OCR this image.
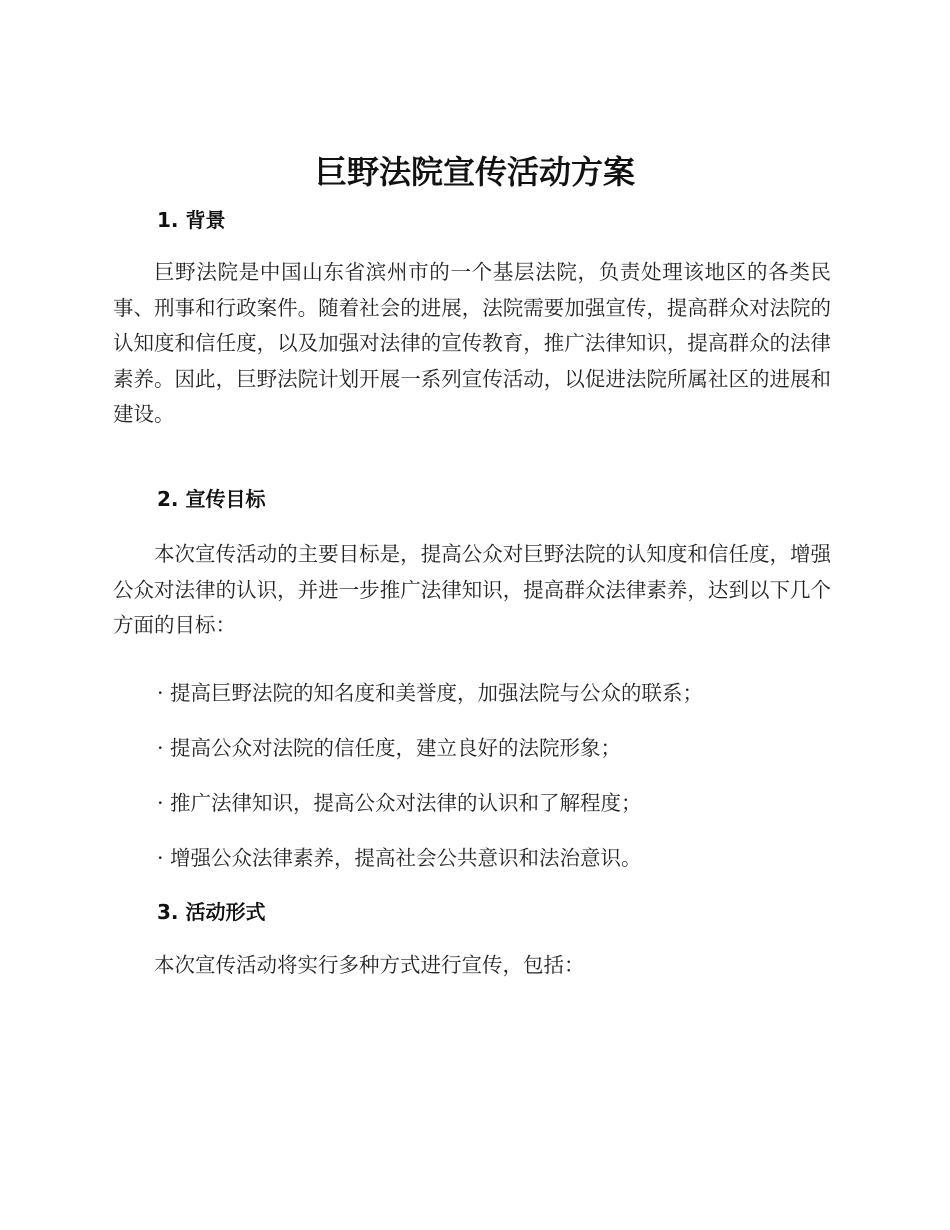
巨野法院宣传活动方案
1. 背景

巨野法院是中国山东省滨州市的一个基层法院，负责处理该地区的各类民事、刑事和行政案件。随着社会的进展，法院需要加强宣传，提高群众对法院的认知度和信任度，以及加强对法律的宣传教育，推广法律知识，提高群众的法律素养。因此，巨野法院计划开展一系列宣传活动，以促进法院所属社区的进展和建设。

2. 宣传目标

本次宣传活动的主要目标是，提高公众对巨野法院的认知度和信任度，增强公众对法律的认识，并进一步推广法律知识，提高群众法律素养，达到以下几个方面的目标：

· 提高巨野法院的知名度和美誉度，加强法院与公众的联系；
· 提高公众对法院的信任度，建立良好的法院形象；
· 推广法律知识，提高公众对法律的认识和了解程度；
· 增强公众法律素养，提高社会公共意识和法治意识。
3. 活动形式

本次宣传活动将实行多种方式进行宣传，包括：
